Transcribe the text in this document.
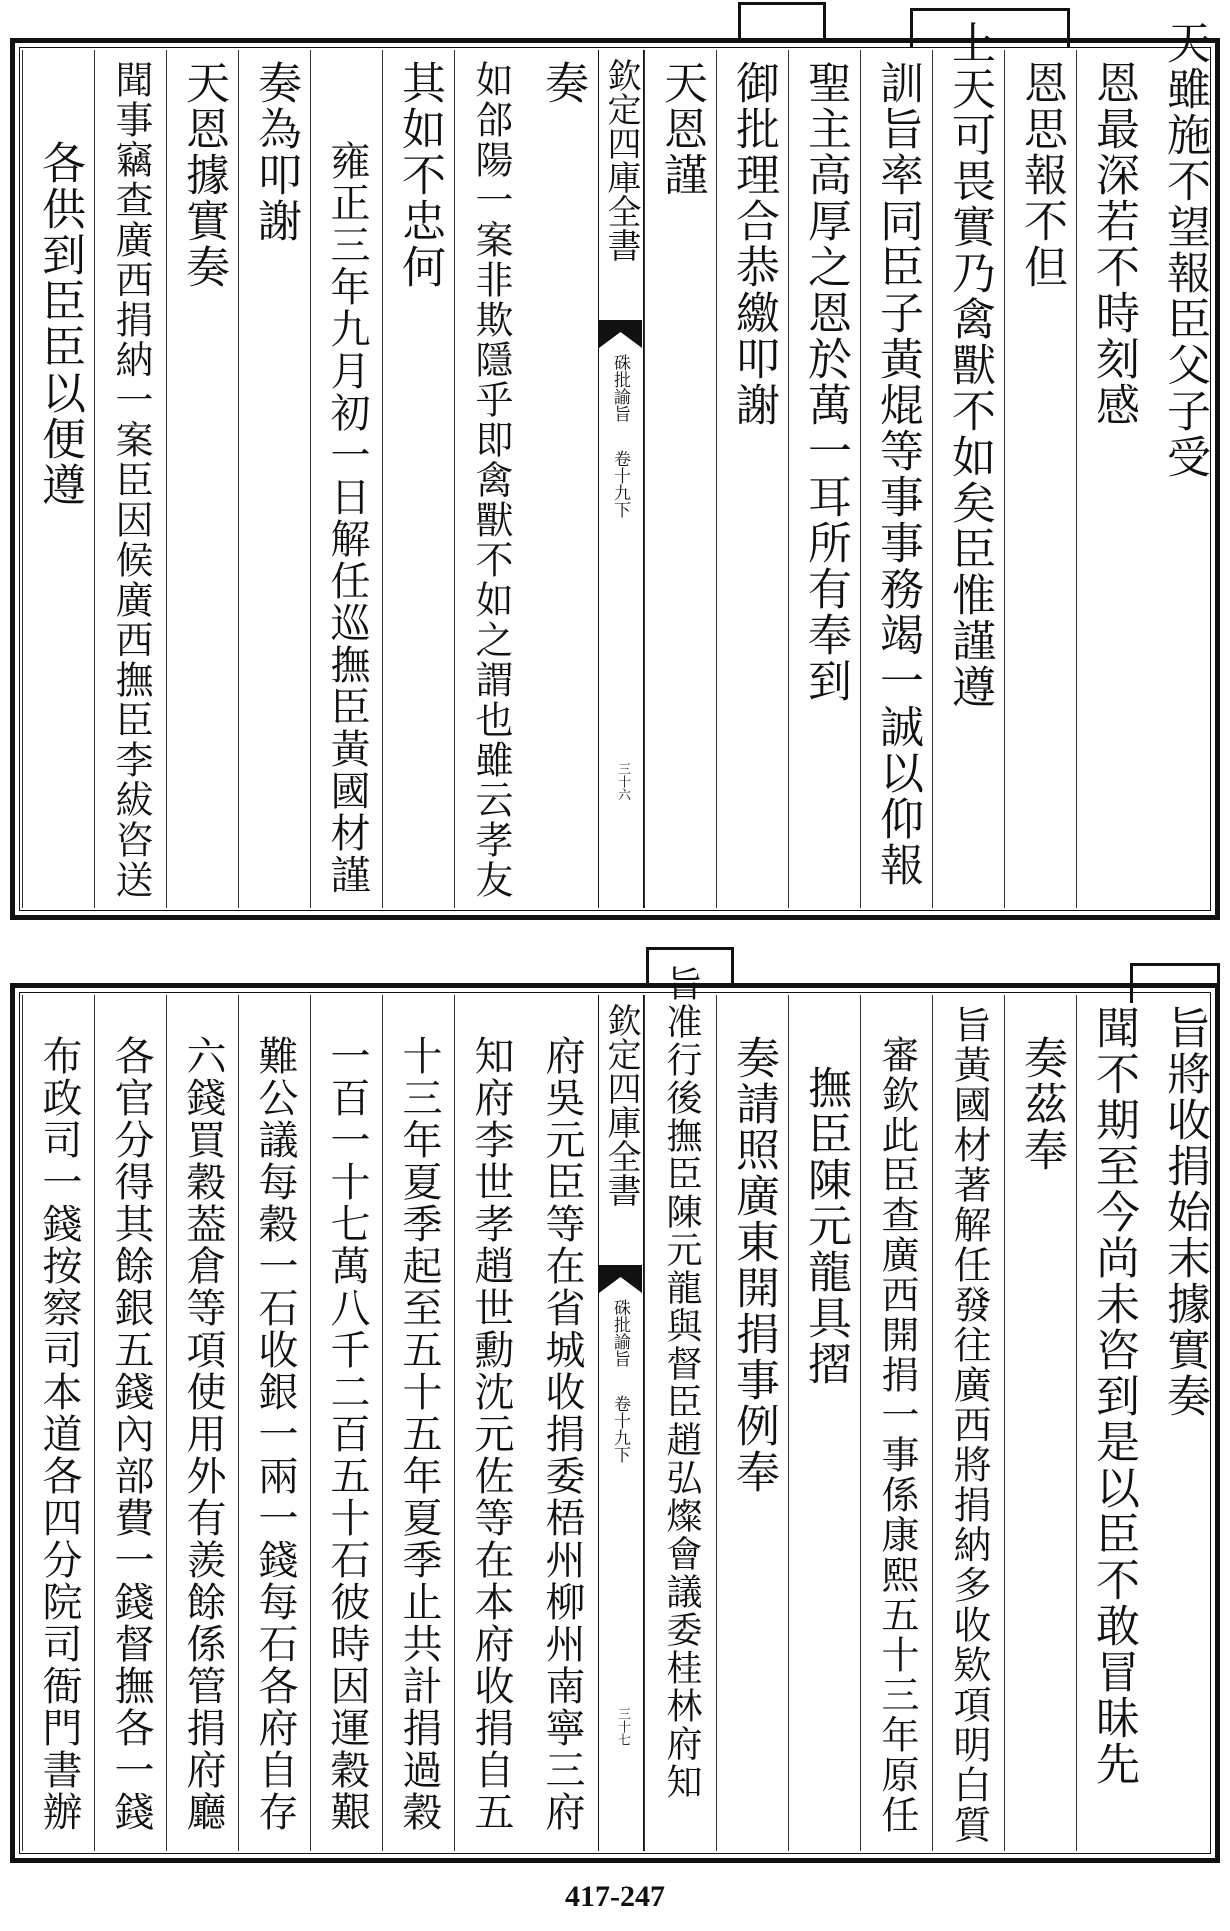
天雖施不望報臣父子受
恩最深若不時刻感
恩思報不但
上天可畏實乃禽獸不如矣臣惟謹遵
訓旨率同臣子黃焜等事事務竭一誠以仰報
聖主高厚之恩於萬一耳所有奉到
御批理合恭繳叩謝
天恩謹
欽定四庫全書
硃批諭旨
卷十九下
三十六
奏
如郃陽一案非欺隱乎即禽獸不如之謂也雖云孝友
其如不忠何
雍正三年九月初一日解任巡撫臣黃國材謹
奏為叩謝
天恩據實奏
聞事竊查廣西捐納一案臣因候廣西撫臣李紱咨送
各供到臣臣以便遵
旨將收捐始末據實奏
聞不期至今尚未咨到是以臣不敢冒昧先
奏茲奉
旨黃國材著解任發往廣西將捐納多收欵項明白質
審欽此臣查廣西開捐一事係康熙五十三年原任
撫臣陳元龍具摺
奏請照廣東開捐事例奉
旨准行後撫臣陳元龍與督臣趙弘燦會議委桂林府知
欽定四庫全書
硃批諭旨
卷十九下
三十七
府吳元臣等在省城收捐委梧州柳州南寧三府
知府李世孝趙世勳沈元佐等在本府收捐自五
十三年夏季起至五十五年夏季止共計捐過穀
一百一十七萬八千二百五十石彼時因運穀艱
難公議每穀一石收銀一兩一錢每石各府自存
六錢買穀葢倉等項使用外有羨餘係管捐府廳
各官分得其餘銀五錢內部費一錢督撫各一錢
布政司一錢按察司本道各四分院司衙門書辦
417-247
